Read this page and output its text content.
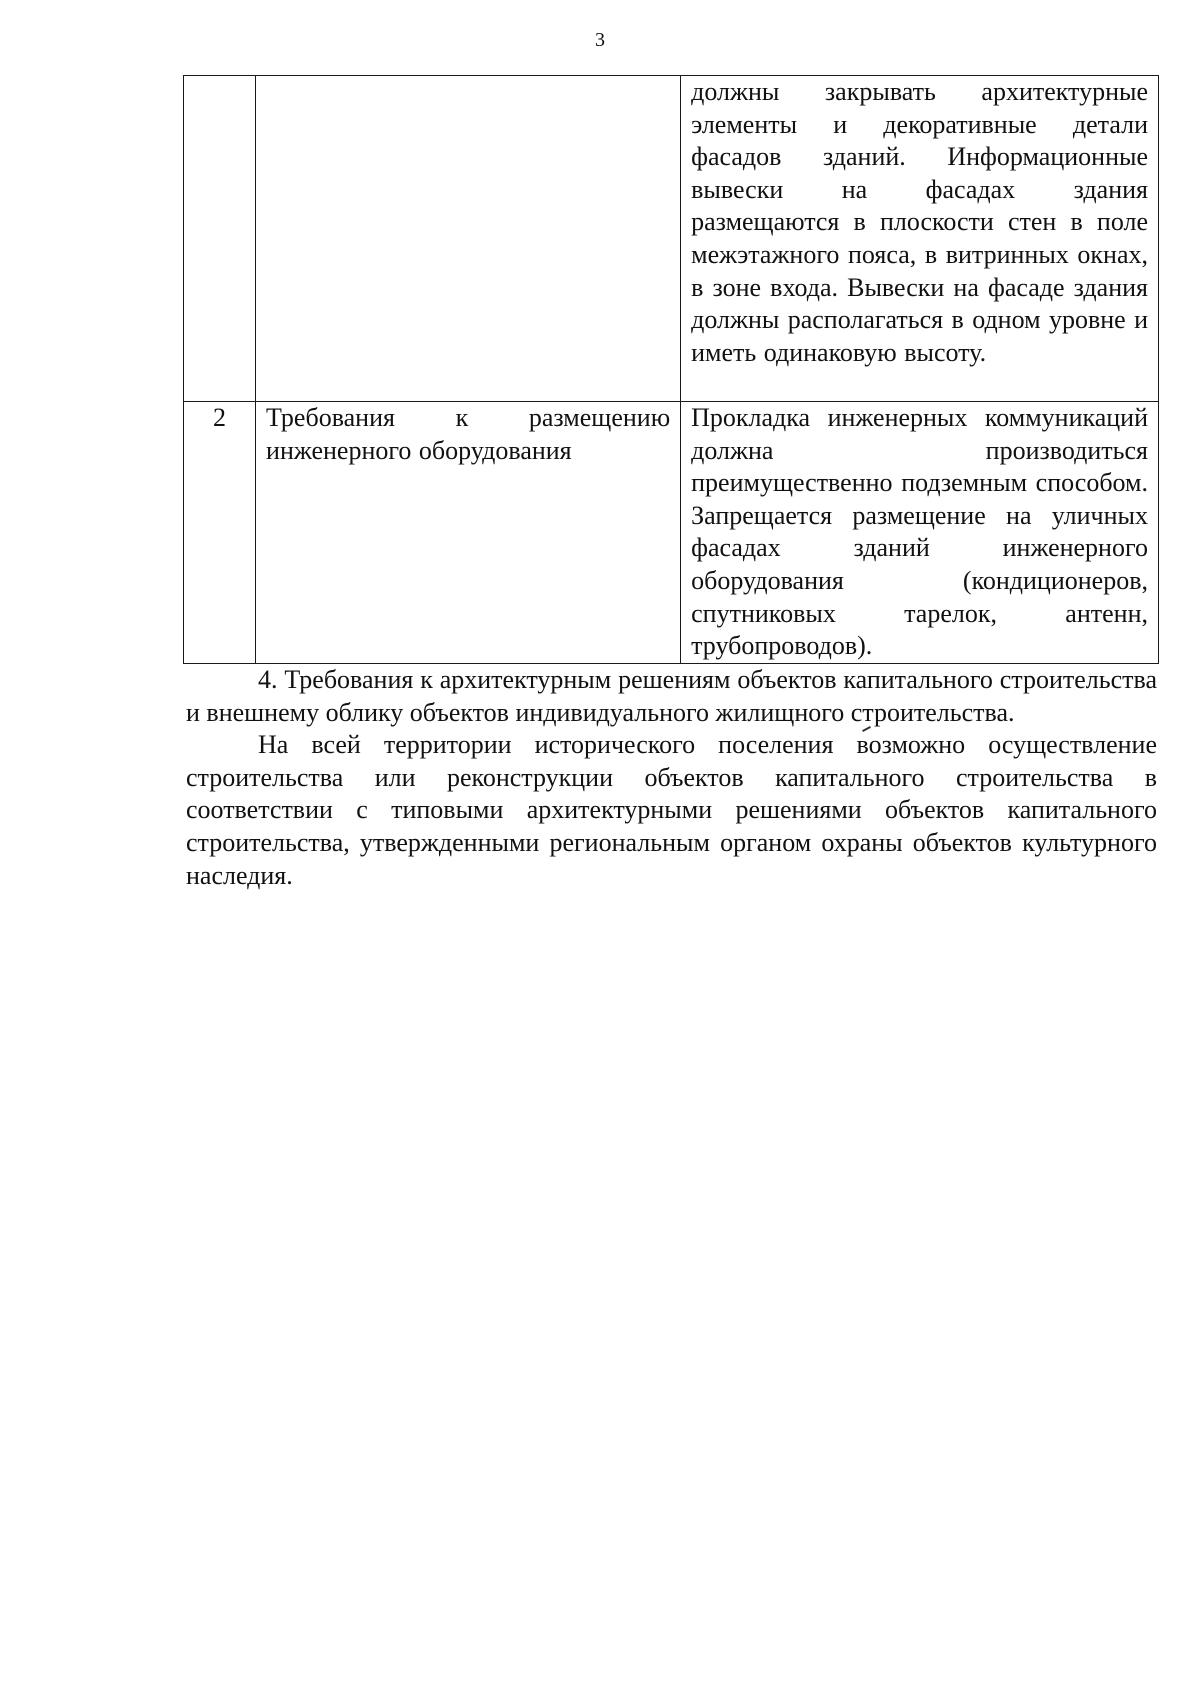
3

		должны закрывать архитектурные элементы и декоративные детали фасадов зданий. Информационные вывески на фасадах здания размещаются в плоскости стен в поле межэтажного пояса, в витринных окнах, в зоне входа. Вывески на фасаде здания должны располагаться в одном уровне и иметь одинаковую высоту.

2	Требования к размещению инженерного оборудования	Прокладка инженерных коммуникаций должна производиться преимущественно подземным способом. Запрещается размещение на уличных фасадах зданий инженерного оборудования (кондиционеров, спутниковых тарелок, антенн, трубопроводов).

4. Требования к архитектурным решениям объектов капитального строительства и внешнему облику объектов индивидуального жилищного строительства.

На всей территории исторического поселения возможно осуществление строительства или реконструкции объектов капитального строительства в соответствии с типовыми архитектурными решениями объектов капитального строительства, утвержденными региональным органом охраны объектов культурного наследия.
